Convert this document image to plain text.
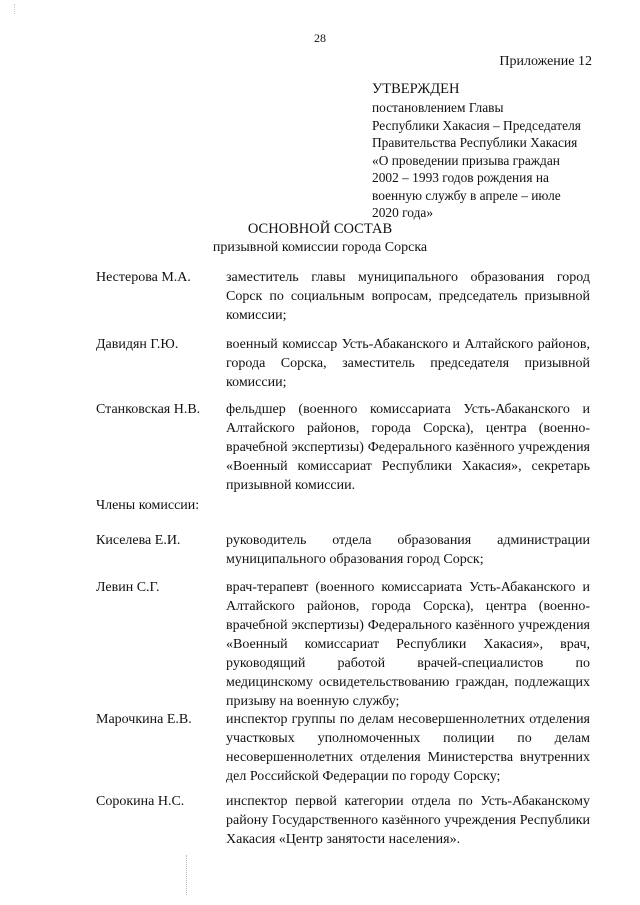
28
Приложение 12
УТВЕРЖДЕН
постановлением Главы
Республики Хакасия – Председателя
Правительства Республики Хакасия
«О проведении призыва граждан
2002 – 1993 годов рождения на
военную службу в апреле – июле
2020 года»
ОСНОВНОЙ СОСТАВ
призывной комиссии города Сорска
Нестерова М.А.	заместитель главы муниципального образования город Сорск по социальным вопросам, председатель призывной комиссии;
Давидян Г.Ю.	военный комиссар Усть-Абаканского и Алтайского районов, города Сорска, заместитель председателя призывной комиссии;
Станковская Н.В.	фельдшер (военного комиссариата Усть-Абаканского и Алтайского районов, города Сорска), центра (военно-врачебной экспертизы) Федерального казённого учреждения «Военный комиссариат Республики Хакасия», секретарь призывной комиссии.
Члены комиссии:
Киселева Е.И.	руководитель отдела образования администрации муниципального образования город Сорск;
Левин С.Г.	врач-терапевт (военного комиссариата Усть-Абаканского и Алтайского районов, города Сорска), центра (военно-врачебной экспертизы) Федерального казённого учреждения «Военный комиссариат Республики Хакасия», врач, руководящий работой врачей-специалистов по медицинскому освидетельствованию граждан, подлежащих призыву на военную службу;
Марочкина Е.В.	инспектор группы по делам несовершеннолетних отделения участковых уполномоченных полиции по делам несовершеннолетних отделения Министерства внутренних дел Российской Федерации по городу Сорску;
Сорокина Н.С.	инспектор первой категории отдела по Усть-Абаканскому району Государственного казённого учреждения Республики Хакасия «Центр занятости населения».
